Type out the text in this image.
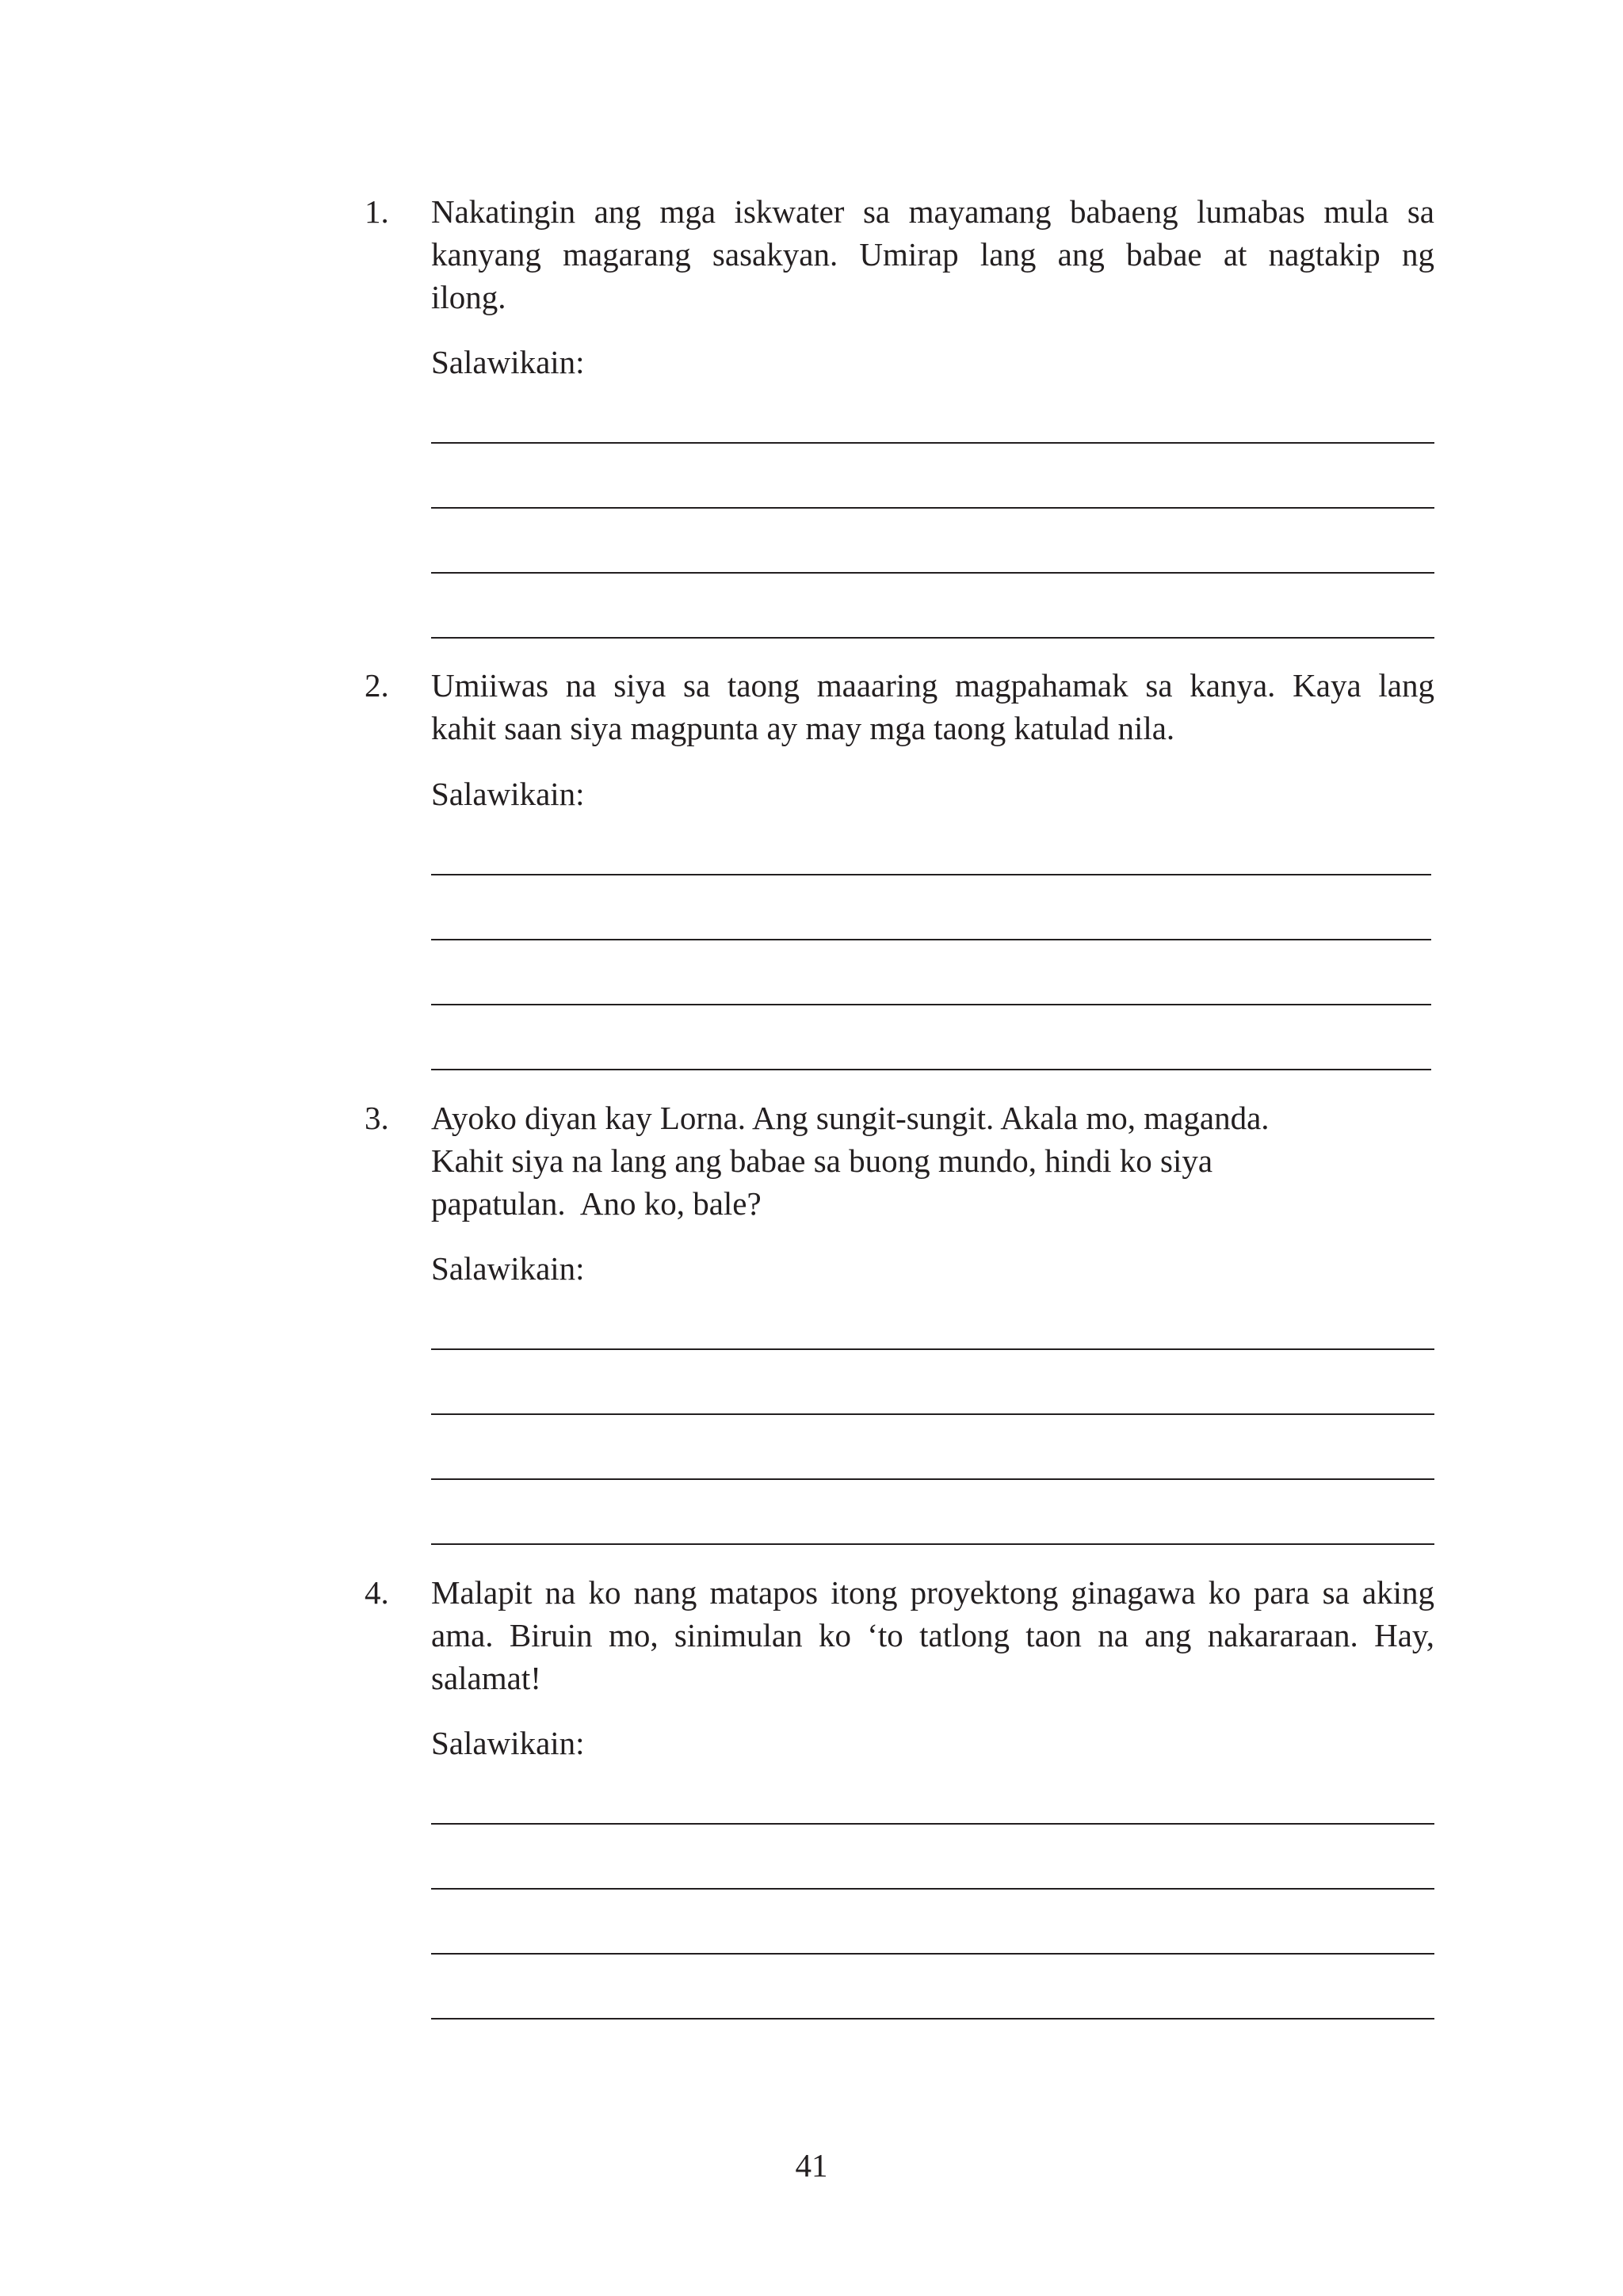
1. Nakatingin ang mga iskwater sa mayamang babaeng lumabas mula sa
kanyang magarang sasakyan. Umirap lang ang babae at nagtakip ng
ilong.
Salawikain:
2. Umiiwas na siya sa taong maaaring magpahamak sa kanya. Kaya lang
kahit saan siya magpunta ay may mga taong katulad nila.
Salawikain:
3. Ayoko diyan kay Lorna. Ang sungit-sungit. Akala mo, maganda.
Kahit siya na lang ang babae sa buong mundo, hindi ko siya
papatulan.  Ano ko, bale?
Salawikain:
4. Malapit na ko nang matapos itong proyektong ginagawa ko para sa aking
ama. Biruin mo, sinimulan ko ‘to tatlong taon na ang nakararaan. Hay,
salamat!
Salawikain:
41
